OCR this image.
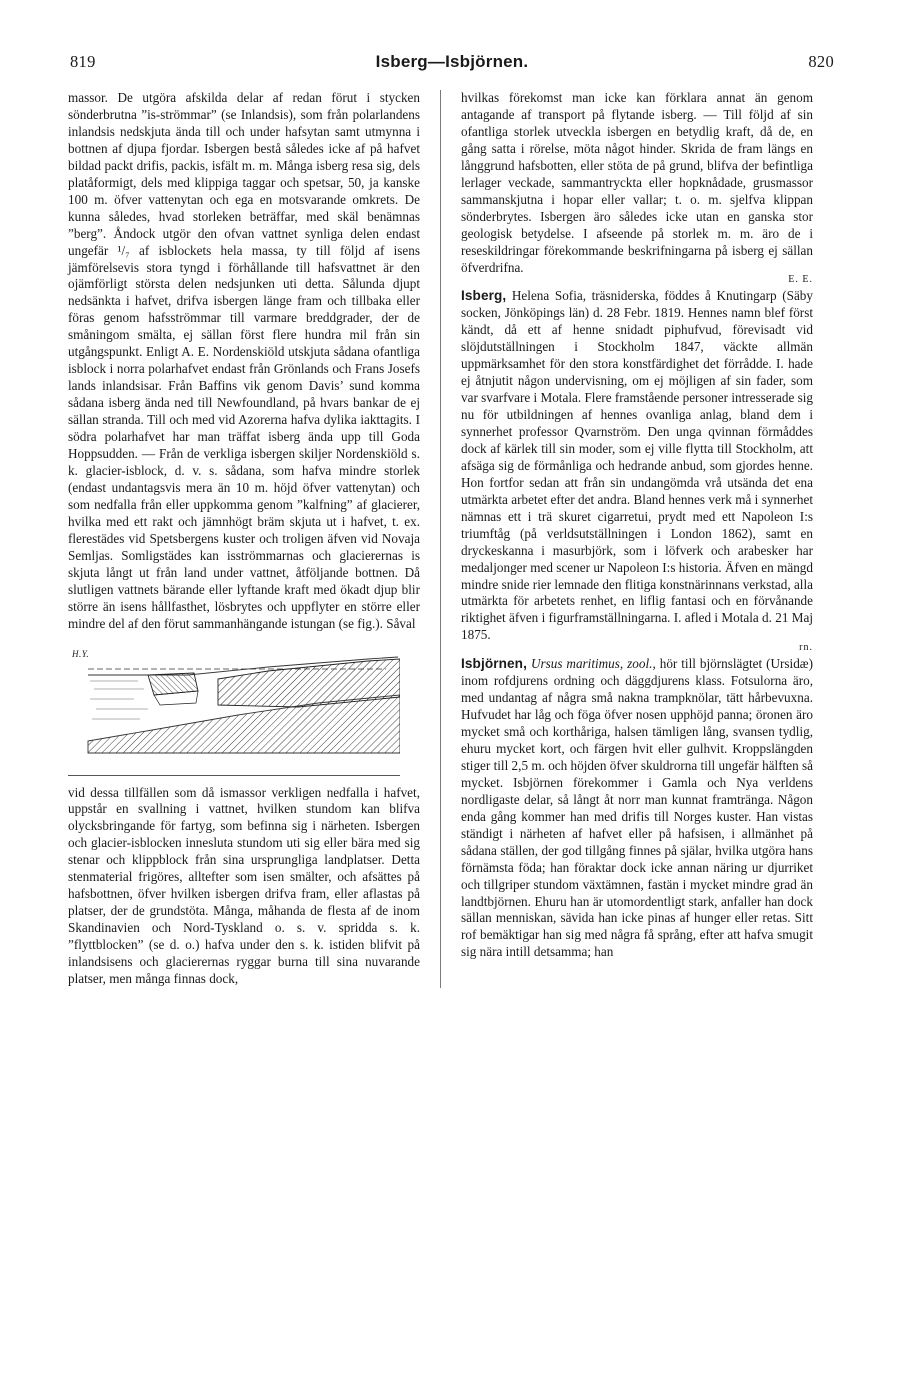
819	Isberg—Isbjörnen.	820

massor. De utgöra afskilda delar af redan förut i stycken sönderbrutna ”is-strömmar” (se Inlandsis), som från polarlandens inlandsis nedskjuta ända till och under hafsytan samt utmynna i bottnen af djupa fjordar. Isbergen bestå således icke af på hafvet bildad packt drifis, packis, isfält m. m. Många isberg resa sig, dels platåformigt, dels med klippiga taggar och spetsar, 50, ja kanske 100 m. öfver vattenytan och ega en motsvarande omkrets. De kunna således, hvad storleken beträffar, med skäl benämnas ”berg”. Åndock utgör den ofvan vattnet synliga delen endast ungefär ¹/₇ af isblockets hela massa, ty till följd af isens jämförelsevis stora tyngd i förhållande till hafsvattnet är den ojämförligt största delen nedsjunken uti detta. Sålunda djupt nedsänkta i hafvet, drifva isbergen länge fram och tillbaka eller föras genom hafsströmmar till varmare breddgrader, der de småningom smälta, ej sällan först flere hundra mil från sin utgångspunkt. Enligt A. E. Nordenskiöld utskjuta sådana ofantliga isblock i norra polarhafvet endast från Grönlands och Frans Josefs lands inlandsisar. Från Baffins vik genom Davis’ sund komma sådana isberg ända ned till Newfoundland, på hvars bankar de ej sällan stranda. Till och med vid Azorerna hafva dylika iakttagits. I södra polarhafvet har man träffat isberg ända upp till Goda Hoppsudden. — Från de verkliga isbergen skiljer Nordenskiöld s. k. glacier-isblock, d. v. s. sådana, som hafva mindre storlek (endast undantagsvis mera än 10 m. höjd öfver vattenytan) och som nedfalla från eller uppkomma genom ”kalfning” af glacierer, hvilka med ett rakt och jämnhögt bräm skjuta ut i hafvet, t. ex. flerestädes vid Spetsbergens kuster och troligen äfven vid Novaja Semljas. Somligstädes kan isströmmarnas och glacierernas is skjuta långt ut från land under vattnet, åtföljande bottnen. Då slutligen vattnets bärande eller lyftande kraft med ökadt djup blir större än isens hållfasthet, lösbrytes och uppflyter en större eller mindre del af den förut sammanhängande istungan (se fig.). Såval

H.Y.

vid dessa tillfällen som då ismassor verkligen nedfalla i hafvet, uppstår en svallning i vattnet, hvilken stundom kan blifva olycksbringande för fartyg, som befinna sig i närheten. Isbergen och glacier-isblocken innesluta stundom uti sig eller bära med sig stenar och klippblock från sina ursprungliga landplatser. Detta stenmaterial frigöres, alltefter som isen smälter, och afsättes på hafsbottnen, öfver hvilken isbergen drifva fram, eller aflastas på platser, der de grundstöta. Många, måhanda de flesta af de inom Skandinavien och Nord-Tyskland o. s. v. spridda s. k. ”flyttblocken” (se d. o.) hafva under den s. k. istiden blifvit på inlandsisens och glacierernas ryggar burna till sina nuvarande platser, men många finnas dock,

hvilkas förekomst man icke kan förklara annat än genom antagande af transport på flytande isberg. — Till följd af sin ofantliga storlek utveckla isbergen en betydlig kraft, då de, en gång satta i rörelse, möta något hinder. Skrida de fram längs en långgrund hafsbotten, eller stöta de på grund, blifva der befintliga lerlager veckade, sammantryckta eller hopknådade, grusmassor sammanskjutna i hopar eller vallar; t. o. m. sjelfva klippan sönderbrytes. Isbergen äro således icke utan en ganska stor geologisk betydelse. I afseende på storlek m. m. äro de i reseskildringar förekommande beskrifningarna på isberg ej sällan öfverdrifna.

E. E.

Isberg, Helena Sofia, träsniderska, föddes å Knutingarp (Säby socken, Jönköpings län) d. 28 Febr. 1819. Hennes namn blef först kändt, då ett af henne snidadt piphufvud, förevisadt vid slöjdutställningen i Stockholm 1847, väckte allmän uppmärksamhet för den stora konstfärdighet det förrådde. I. hade ej åtnjutit någon undervisning, om ej möjligen af sin fader, som var svarfvare i Motala. Flere framstående personer intresserade sig nu för utbildningen af hennes ovanliga anlag, bland dem i synnerhet professor Qvarnström. Den unga qvinnan förmåddes dock af kärlek till sin moder, som ej ville flytta till Stockholm, att afsäga sig de förmånliga och hedrande anbud, som gjordes henne. Hon fortfor sedan att från sin undangömda vrå utsända det ena utmärkta arbetet efter det andra. Bland hennes verk må i synnerhet nämnas ett i trä skuret cigarretui, prydt med ett Napoleon I:s triumftåg (på verldsutställningen i London 1862), samt en dryckeskanna i masurbjörk, som i löfverk och arabesker har medaljonger med scener ur Napoleon I:s historia. Äfven en mängd mindre snide rier lemnade den flitiga konstnärinnans verkstad, alla utmärkta för arbetets renhet, en liflig fantasi och en förvånande riktighet äfven i figurframställningarna. I. afled i Motala d. 21 Maj 1875.

rn.

Isbjörnen, Ursus maritimus, zool., hör till björnslägtet (Ursidæ) inom rofdjurens ordning och däggdjurens klass. Fotsulorna äro, med undantag af några små nakna trampknölar, tätt hårbevuxna. Hufvudet har låg och föga öfver nosen upphöjd panna; öronen äro mycket små och korthåriga, halsen tämligen lång, svansen tydlig, ehuru mycket kort, och färgen hvit eller gulhvit. Kroppslängden stiger till 2,5 m. och höjden öfver skuldrorna till ungefär hälften så mycket. Isbjörnen förekommer i Gamla och Nya verldens nordligaste delar, så långt åt norr man kunnat framtränga. Någon enda gång kommer han med drifis till Norges kuster. Han vistas ständigt i närheten af hafvet eller på hafsisen, i allmänhet på sådana ställen, der god tillgång finnes på själar, hvilka utgöra hans förnämsta föda; han föraktar dock icke annan näring ur djurriket och tillgriper stundom växtämnen, fastän i mycket mindre grad än landtbjörnen. Ehuru han är utomordentligt stark, anfaller han dock sällan menniskan, sävida han icke pinas af hunger eller retas. Sitt rof bemäktigar han sig med några få språng, efter att hafva smugit sig nära intill detsamma; han
